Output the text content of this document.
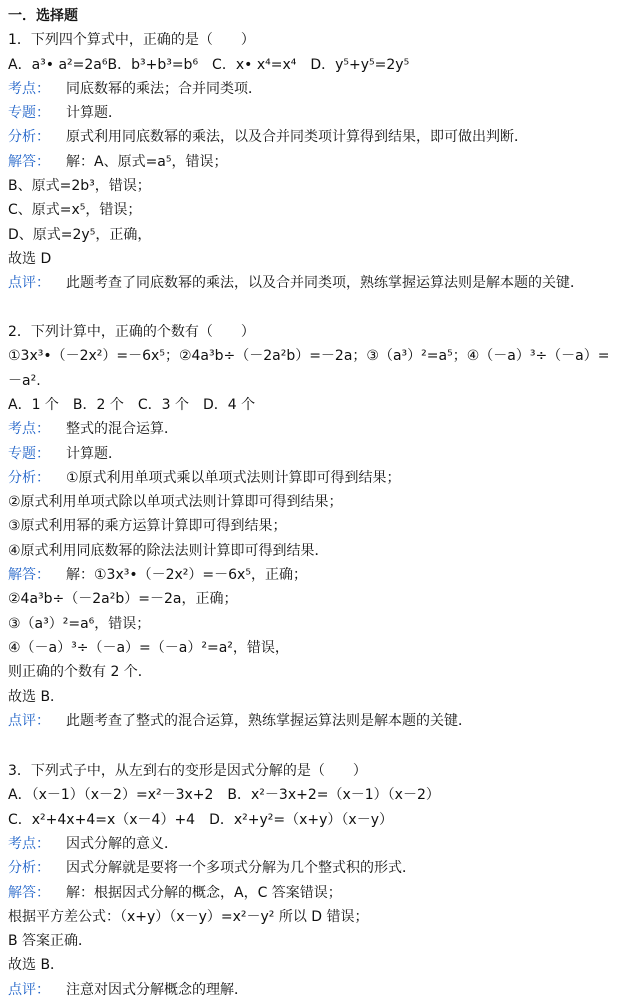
一．选择题
1．下列四个算式中，正确的是（　　）
A．a³• a²=2a⁶B．b³+b³=b⁶　C．x• x⁴=x⁴　D．y⁵+y⁵=2y⁵
考点： 同底数幂的乘法；合并同类项．
专题： 计算题．
分析： 原式利用同底数幂的乘法，以及合并同类项计算得到结果，即可做出判断．
解答： 解：A、原式=a⁵，错误；
B、原式=2b³，错误；
C、原式=x⁵，错误；
D、原式=2y⁵，正确，
故选 D
点评： 此题考查了同底数幂的乘法，以及合并同类项，熟练掌握运算法则是解本题的关键．
2．下列计算中，正确的个数有（　　）
①3x³•（－2x²）=－6x⁵；②4a³b÷（－2a²b）=－2a；③（a³）²=a⁵；④（－a）³÷（－a）=
－a².
A．1 个　B．2 个　C．3 个　D．4 个
考点： 整式的混合运算．
专题： 计算题．
分析： ①原式利用单项式乘以单项式法则计算即可得到结果；
②原式利用单项式除以单项式法则计算即可得到结果；
③原式利用幂的乘方运算计算即可得到结果；
④原式利用同底数幂的除法法则计算即可得到结果．
解答： 解：①3x³•（－2x²）=－6x⁵，正确；
②4a³b÷（－2a²b）=－2a，正确；
③（a³）²=a⁶，错误；
④（－a）³÷（－a）=（－a）²=a²，错误，
则正确的个数有 2 个．
故选 B．
点评： 此题考查了整式的混合运算，熟练掌握运算法则是解本题的关键．
3．下列式子中，从左到右的变形是因式分解的是（　　）
A．（x－1）（x－2）=x²－3x+2　B．x²－3x+2=（x－1）（x－2）
C．x²+4x+4=x（x－4）+4　D．x²+y²=（x+y）（x－y）
考点： 因式分解的意义．
分析： 因式分解就是要将一个多项式分解为几个整式积的形式．
解答： 解：根据因式分解的概念，A，C 答案错误；
根据平方差公式：（x+y）（x－y）=x²－y² 所以 D 错误；
B 答案正确．
故选 B．
点评： 注意对因式分解概念的理解．
